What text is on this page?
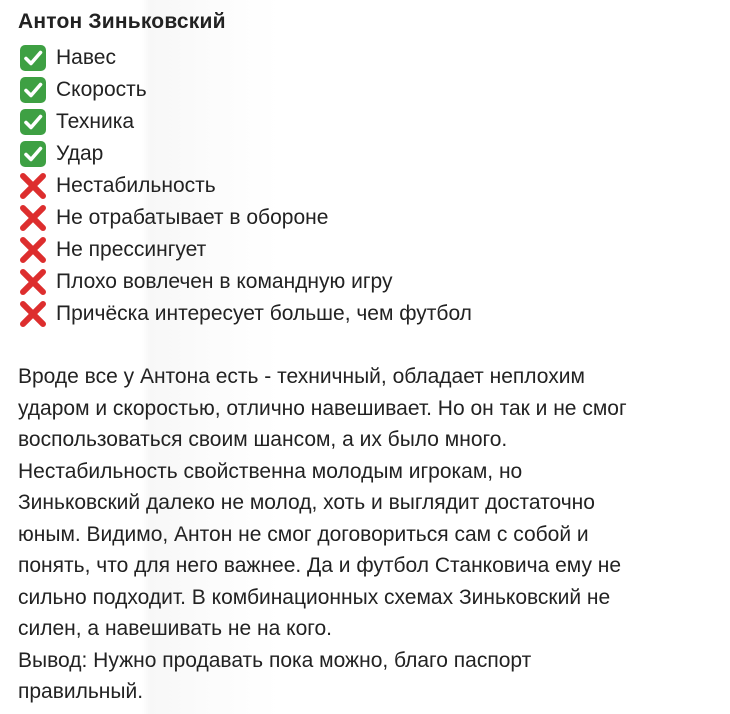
Антон Зиньковский
Навес
Скорость
Техника
Удар
Нестабильность
Не отрабатывает в обороне
Не прессингует
Плохо вовлечен в командную игру
Причёска интересует больше, чем футбол
Вроде все у Антона есть - техничный, обладает неплохим
ударом и скоростью, отлично навешивает. Но он так и не смог
воспользоваться своим шансом, а их было много.
Нестабильность свойственна молодым игрокам, но
Зиньковский далеко не молод, хоть и выглядит достаточно
юным. Видимо, Антон не смог договориться сам с собой и
понять, что для него важнее. Да и футбол Станковича ему не
сильно подходит. В комбинационных схемах Зиньковский не
силен, а навешивать не на кого.
Вывод: Нужно продавать пока можно, благо паспорт
правильный.
